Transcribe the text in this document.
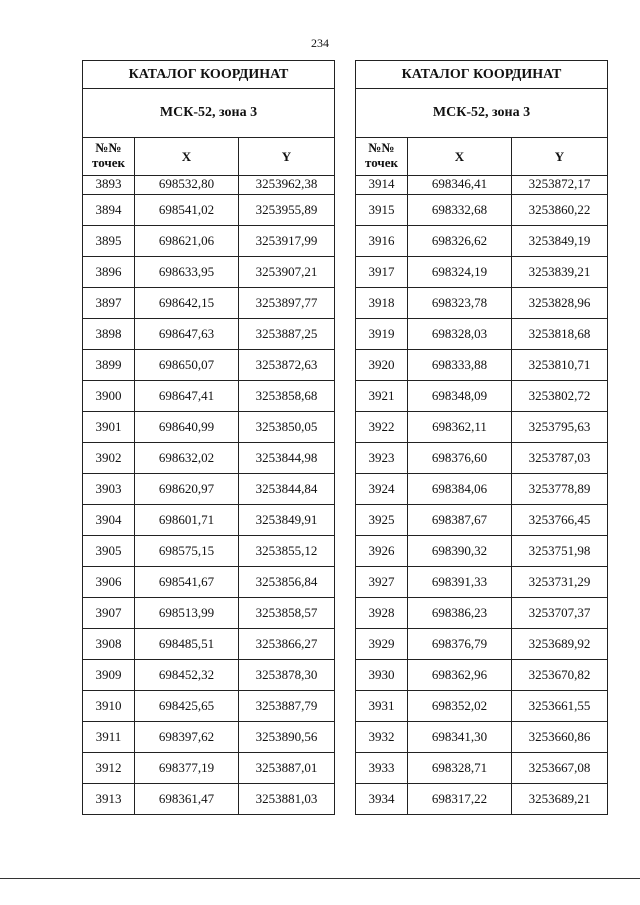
234
КАТАЛОГ КООРДИНАТ		
МСК-52, зона 3		
№№ точек	X	Y
3893	698532,80	3253962,38
3894	698541,02	3253955,89
3895	698621,06	3253917,99
3896	698633,95	3253907,21
3897	698642,15	3253897,77
3898	698647,63	3253887,25
3899	698650,07	3253872,63
3900	698647,41	3253858,68
3901	698640,99	3253850,05
3902	698632,02	3253844,98
3903	698620,97	3253844,84
3904	698601,71	3253849,91
3905	698575,15	3253855,12
3906	698541,67	3253856,84
3907	698513,99	3253858,57
3908	698485,51	3253866,27
3909	698452,32	3253878,30
3910	698425,65	3253887,79
3911	698397,62	3253890,56
3912	698377,19	3253887,01
3913	698361,47	3253881,03
КАТАЛОГ КООРДИНАТ		
МСК-52, зона 3		
№№ точек	X	Y
3914	698346,41	3253872,17
3915	698332,68	3253860,22
3916	698326,62	3253849,19
3917	698324,19	3253839,21
3918	698323,78	3253828,96
3919	698328,03	3253818,68
3920	698333,88	3253810,71
3921	698348,09	3253802,72
3922	698362,11	3253795,63
3923	698376,60	3253787,03
3924	698384,06	3253778,89
3925	698387,67	3253766,45
3926	698390,32	3253751,98
3927	698391,33	3253731,29
3928	698386,23	3253707,37
3929	698376,79	3253689,92
3930	698362,96	3253670,82
3931	698352,02	3253661,55
3932	698341,30	3253660,86
3933	698328,71	3253667,08
3934	698317,22	3253689,21
